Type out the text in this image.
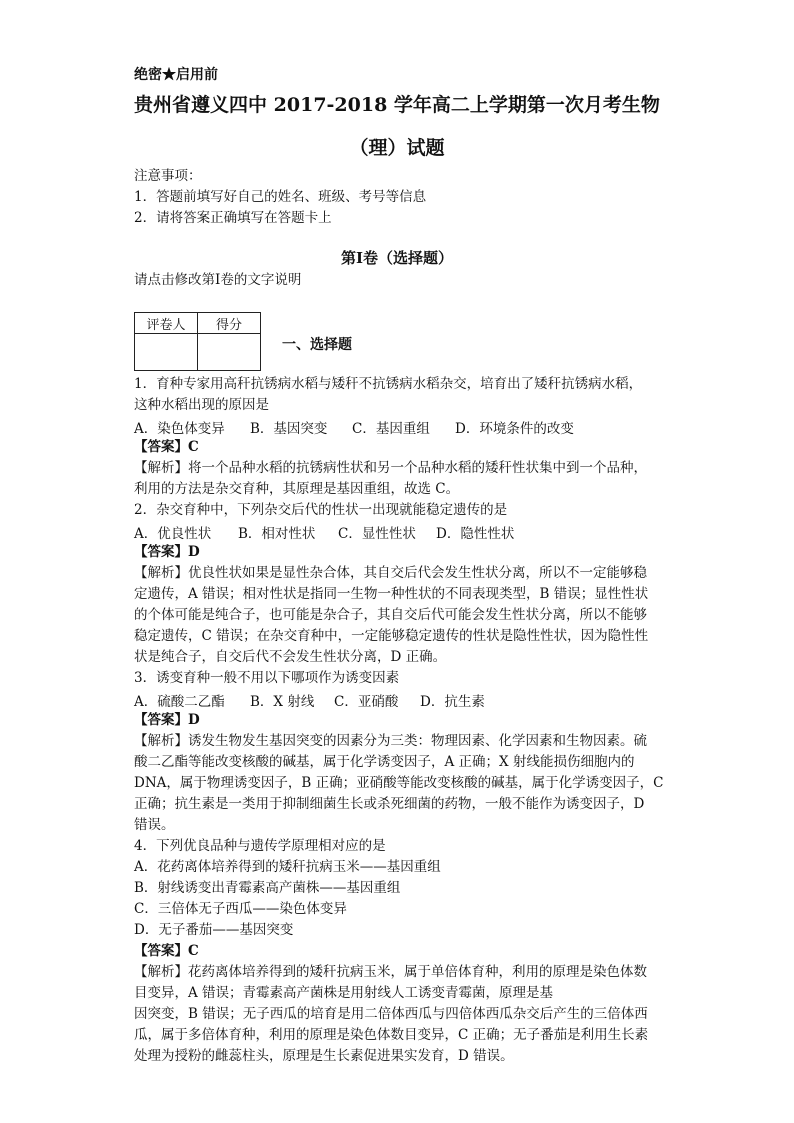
绝密★启用前
贵州省遵义四中 2017-2018 学年高二上学期第一次月考生物
（理）试题
注意事项：
1．答题前填写好自己的姓名、班级、考号等信息
2．请将答案正确填写在答题卡上
第Ⅰ卷（选择题）
请点击修改第Ⅰ卷的文字说明
评卷人	得分

一、选择题
1．育种专家用高秆抗锈病水稻与矮秆不抗锈病水稻杂交，培育出了矮秆抗锈病水稻，
这种水稻出现的原因是
A．染色体变异 B．基因突变 C．基因重组 D．环境条件的改变
【答案】C
【解析】将一个品种水稻的抗锈病性状和另一个品种水稻的矮秆性状集中到一个品种，
利用的方法是杂交育种，其原理是基因重组，故选 C。
2．杂交育种中，下列杂交后代的性状一出现就能稳定遗传的是
A．优良性状 B．相对性状 C．显性性状 D．隐性性状
【答案】D
【解析】优良性状如果是显性杂合体，其自交后代会发生性状分离，所以不一定能够稳
定遗传，A 错误；相对性状是指同一生物一种性状的不同表现类型，B 错误；显性性状
的个体可能是纯合子，也可能是杂合子，其自交后代可能会发生性状分离，所以不能够
稳定遗传，C 错误；在杂交育种中，一定能够稳定遗传的性状是隐性性状，因为隐性性
状是纯合子，自交后代不会发生性状分离，D 正确。
3．诱变育种一般不用以下哪项作为诱变因素
A．硫酸二乙酯 B．X 射线 C．亚硝酸 D．抗生素
【答案】D
【解析】诱发生物发生基因突变的因素分为三类：物理因素、化学因素和生物因素。硫
酸二乙酯等能改变核酸的碱基，属于化学诱变因子，A 正确；X 射线能损伤细胞内的
DNA，属于物理诱变因子，B 正确；亚硝酸等能改变核酸的碱基，属于化学诱变因子，C
正确；抗生素是一类用于抑制细菌生长或杀死细菌的药物，一般不能作为诱变因子，D
错误。
4．下列优良品种与遗传学原理相对应的是
A．花药离体培养得到的矮秆抗病玉米——基因重组
B．射线诱变出青霉素高产菌株——基因重组
C．三倍体无子西瓜——染色体变异
D．无子番茄——基因突变
【答案】C
【解析】花药离体培养得到的矮秆抗病玉米，属于单倍体育种，利用的原理是染色体数
目变异，A 错误；青霉素高产菌株是用射线人工诱变青霉菌，原理是基
因突变，B 错误；无子西瓜的培育是用二倍体西瓜与四倍体西瓜杂交后产生的三倍体西
瓜，属于多倍体育种，利用的原理是染色体数目变异，C 正确；无子番茄是利用生长素
处理为授粉的雌蕊柱头，原理是生长素促进果实发育，D 错误。
